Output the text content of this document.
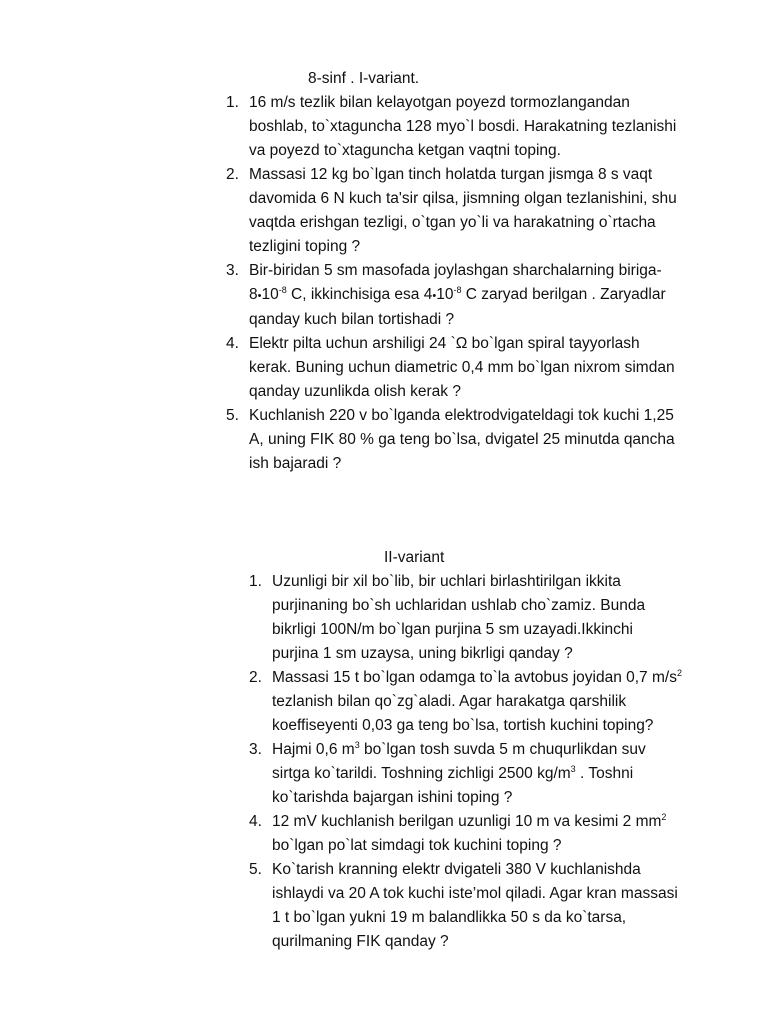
8-sinf . I-variant.
1. 16 m/s tezlik bilan kelayotgan poyezd tormozlangandan
boshlab, to`xtaguncha 128 myo`l bosdi. Harakatning tezlanishi
va poyezd to`xtaguncha ketgan vaqtni toping.
2. Massasi 12 kg bo`lgan tinch holatda turgan jismga 8 s vaqt
davomida 6 N kuch ta'sir qilsa, jismning olgan tezlanishini, shu
vaqtda erishgan tezligi, o`tgan yo`li va harakatning o`rtacha
tezligini toping ?
3. Bir-biridan 5 sm masofada joylashgan sharchalarning biriga-
$8•10^{-8}$ C, ikkinchisiga esa $4•10^{-8}$ C zaryad berilgan . Zaryadlar
qanday kuch bilan tortishadi ?
4. Elektr pilta uchun arshiligi 24 `Ω bo`lgan spiral tayyorlash
kerak. Buning uchun diametric 0,4 mm bo`lgan nixrom simdan
qanday uzunlikda olish kerak ?
5. Kuchlanish 220 v bo`lganda elektrodvigateldagi tok kuchi 1,25
A, uning FIK 80 % ga teng bo`lsa, dvigatel 25 minutda qancha
ish bajaradi ?
II-variant
1. Uzunligi bir xil bo`lib, bir uchlari birlashtirilgan ikkita
purjinaning bo`sh uchlaridan ushlab cho`zamiz. Bunda
bikrligi 100N/m bo`lgan purjina 5 sm uzayadi.Ikkinchi
purjina 1 sm uzaysa, uning bikrligi qanday ?
2. Massasi 15 t bo`lgan odamga to`la avtobus joyidan 0,7 $m/s^2$
tezlanish bilan qo`zg`aladi. Agar harakatga qarshilik
koeffiseyenti 0,03 ga teng bo`lsa, tortish kuchini toping?
3. Hajmi 0,6 $m^3$ bo`lgan tosh suvda 5 m chuqurlikdan suv
sirtga ko`tarildi. Toshning zichligi 2500 $kg/m^3$ . Toshni
ko`tarishda bajargan ishini toping ?
4. 12 mV kuchlanish berilgan uzunligi 10 m va kesimi 2 $mm^2$
bo`lgan po`lat simdagi tok kuchini toping ?
5. Ko`tarish kranning elektr dvigateli 380 V kuchlanishda
ishlaydi va 20 A tok kuchi iste’mol qiladi. Agar kran massasi
1 t bo`lgan yukni 19 m balandlikka 50 s da ko`tarsa,
qurilmaning FIK qanday ?
